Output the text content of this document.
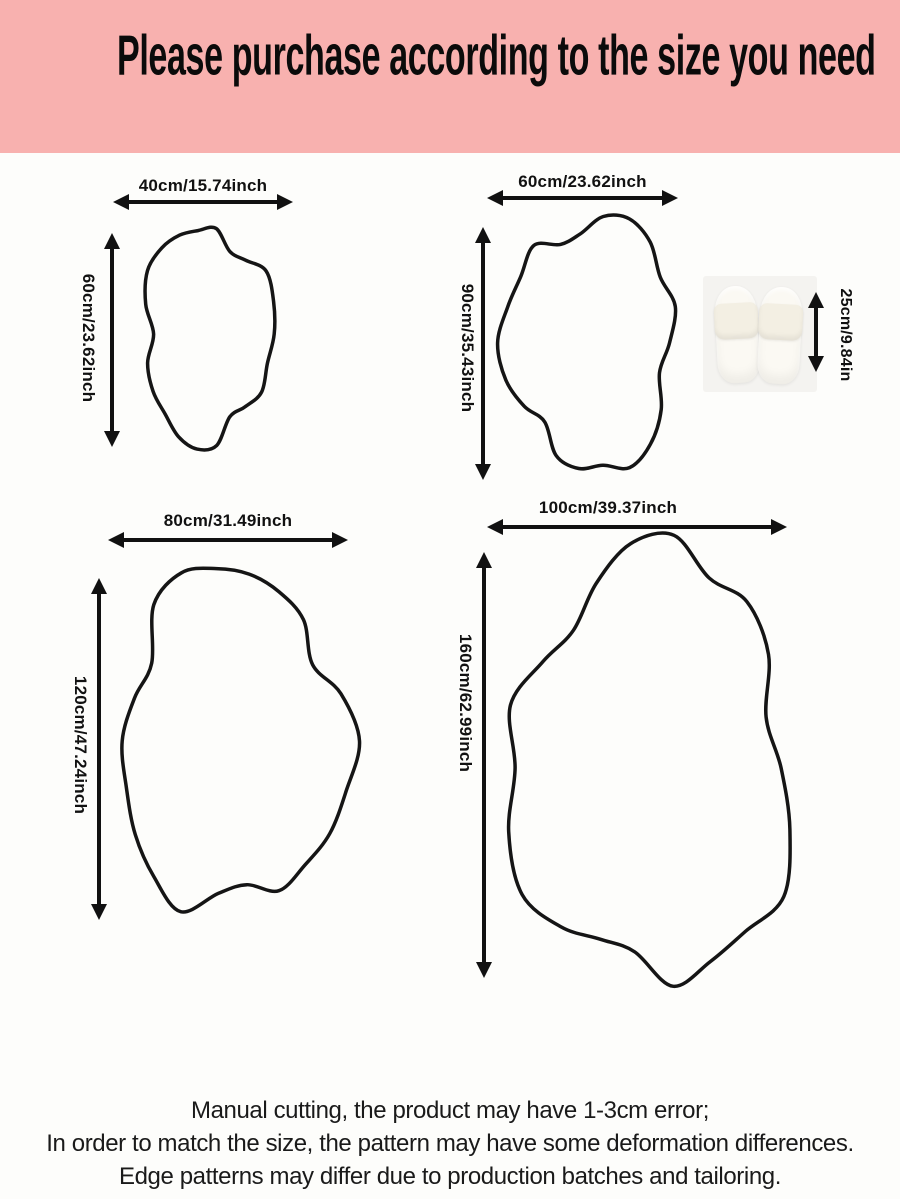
Please purchase according to the size you need
40cm/15.74inch
60cm/23.62inch
60cm/23.62inch
90cm/35.43inch	25cm/9.84in
80cm/31.49inch
120cm/47.24inch
100cm/39.37inch
160cm/62.99inch
Manual cutting, the product may have 1-3cm error;
In order to match the size, the pattern may have some deformation differences.
Edge patterns may differ due to production batches and tailoring.
